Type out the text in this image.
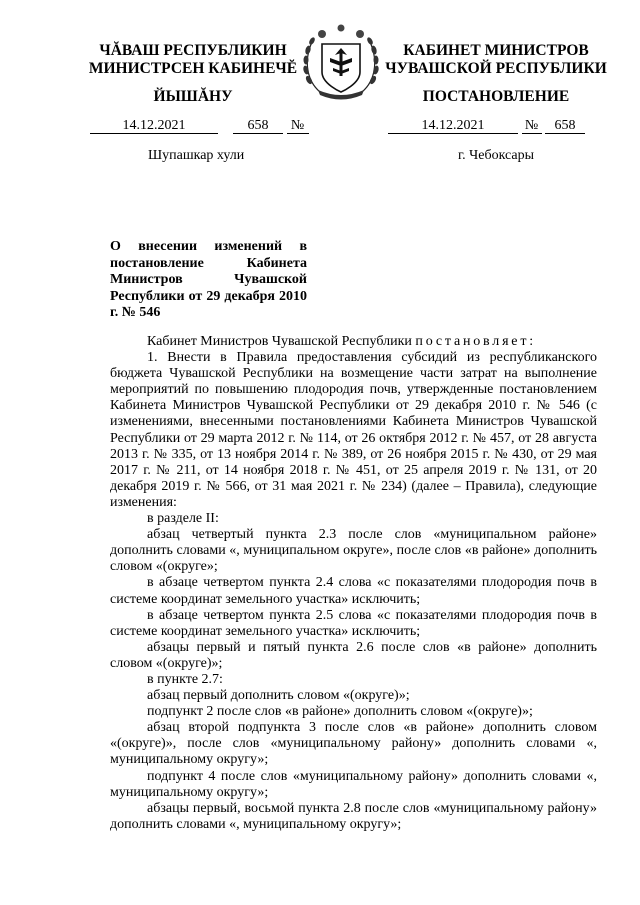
ЧĂВАШ РЕСПУБЛИКИН
МИНИСТРСЕН КАБИНЕЧĔ
КАБИНЕТ МИНИСТРОВ
ЧУВАШСКОЙ РЕСПУБЛИКИ
ЙЫШĂНУ	ПОСТАНОВЛЕНИЕ
14.12.2021	658 №	14.12.2021	№ 658
Шупашкар хули	г. Чебоксары
О внесении изменений в постановление Кабинета Министров Чувашской Республики от 29 декабря 2010 г. № 546

Кабинет Министров Чувашской Республики постановляет:

1. Внести в Правила предоставления субсидий из республиканского бюджета Чувашской Республики на возмещение части затрат на выполнение мероприятий по повышению плодородия почв, утвержденные постановлением Кабинета Министров Чувашской Республики от 29 декабря 2010 г. № 546 (с изменениями, внесенными постановлениями Кабинета Министров Чувашской Республики от 29 марта 2012 г. № 114, от 26 октября 2012 г. № 457, от 28 августа 2013 г. № 335, от 13 ноября 2014 г. № 389, от 26 ноября 2015 г. № 430, от 29 мая 2017 г. № 211, от 14 ноября 2018 г. № 451, от 25 апреля 2019 г. № 131, от 20 декабря 2019 г. № 566, от 31 мая 2021 г. № 234) (далее – Правила), следующие изменения:

в разделе II:

абзац четвертый пункта 2.3 после слов «муниципальном районе» дополнить словами «, муниципальном округе», после слов «в районе» дополнить словом «(округе»;

в абзаце четвертом пункта 2.4 слова «с показателями плодородия почв в системе координат земельного участка» исключить;

в абзаце четвертом пункта 2.5 слова «с показателями плодородия почв в системе координат земельного участка» исключить;

абзацы первый и пятый пункта 2.6 после слов «в районе» дополнить словом «(округе)»;

в пункте 2.7:

абзац первый дополнить словом «(округе)»;

подпункт 2 после слов «в районе» дополнить словом «(округе)»;

абзац второй подпункта 3 после слов «в районе» дополнить словом «(округе)», после слов «муниципальному району» дополнить словами «, муниципальному округу»;

подпункт 4 после слов «муниципальному району» дополнить словами «, муниципальному округу»;

абзацы первый, восьмой пункта 2.8 после слов «муниципальному району» дополнить словами «, муниципальному округу»;
